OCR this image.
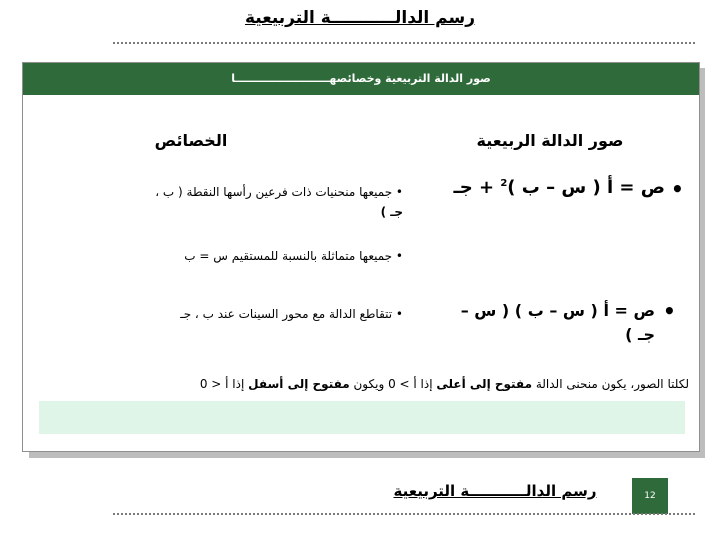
رسم الدالـــــــــــة التربيعية
صور الدالة التربيعية وخصائصهـــــــــــــــــــــــــا
صور الدالة الربيعية
الخصائص
•
ص = أ ( س – ب )$^2$ + جـ
• جميعها منحنيات ذات فرعين رأسها النقطة ( ب ،
جـ )
• جميعها متماثلة بالنسبة للمستقيم س = ب
•
ص = أ ( س – ب ) ( س –
جـ )
• تتقاطع الدالة مع محور السينات عند ب ، جـ
لكلتا الصور، يكون منحنى الدالة مفتوح إلى أعلى إذا أ > 0 ويكون مفتوح إلى أسفل إذا أ < 0
رسم الدالـــــــــــة التربيعية	12
